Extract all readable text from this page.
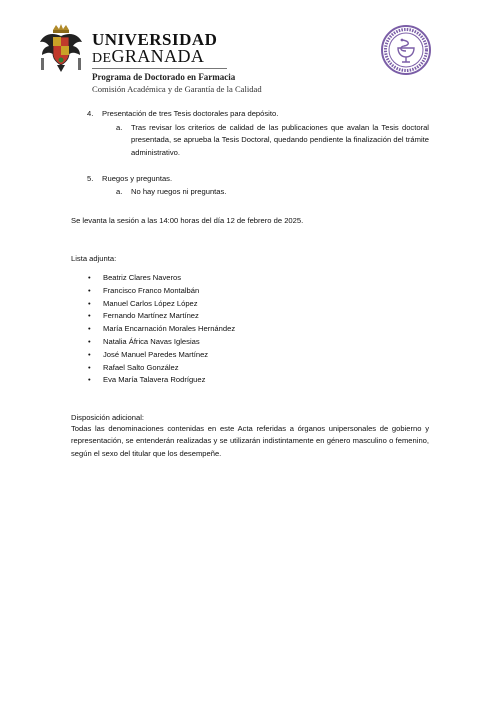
UNIVERSIDAD
DEGRANADA
Programa de Doctorado en Farmacia
Comisión Académica y de Garantía de la Calidad
4. Presentación de tres Tesis doctorales para depósito.
a. Tras revisar los criterios de calidad de las publicaciones que avalan la Tesis doctoral presentada, se aprueba la Tesis Doctoral, quedando pendiente la finalización del trámite administrativo.
5. Ruegos y preguntas.
a. No hay ruegos ni preguntas.
Se levanta la sesión a las 14:00 horas del día 12 de febrero de 2025.
Lista adjunta:
• Beatriz Clares Naveros
• Francisco Franco Montalbán
• Manuel Carlos López López
• Fernando Martínez Martínez
• María Encarnación Morales Hernández
• Natalia África Navas Iglesias
• José Manuel Paredes Martínez
• Rafael Salto González
• Eva María Talavera Rodríguez
Disposición adicional:
Todas las denominaciones contenidas en este Acta referidas a órganos unipersonales de gobierno y representación, se entenderán realizadas y se utilizarán indistintamente en género masculino o femenino, según el sexo del titular que los desempeñe.
